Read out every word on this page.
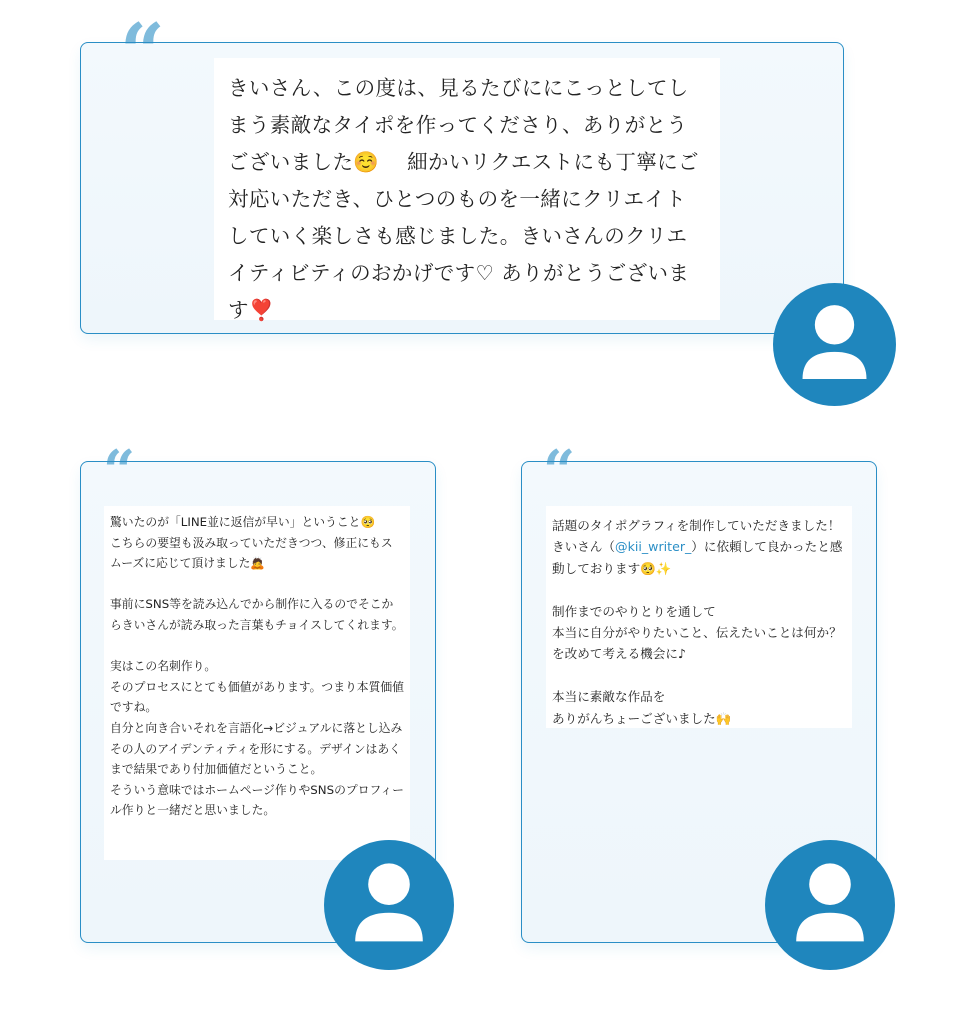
“	きいさん、この度は、見るたびににこっとしてしまう素敵なタイポを作ってくださり、ありがとうございました☺️　 細かいリクエストにも丁寧にご対応いただき、ひとつのものを一緒にクリエイトしていく楽しさも感じました。きいさんのクリエイティビティのおかげです♡ ありがとうございます❣️
“
驚いたのが「LINE並に返信が早い」ということ🥺
こちらの要望も汲み取っていただきつつ、修正にもスムーズに応じて頂けました🙇

事前にSNS等を読み込んでから制作に入るのでそこからきいさんが読み取った言葉もチョイスしてくれます。

実はこの名刺作り。
そのプロセスにとても価値があります。つまり本質価値ですね。
自分と向き合いそれを言語化→ビジュアルに落とし込みその人のアイデンティティを形にする。デザインはあくまで結果であり付加価値だということ。
そういう意味ではホームページ作りやSNSのプロフィール作りと一緒だと思いました。
“
話題のタイポグラフィを制作していただきました！きいさん（@kii_writer_）に依頼して良かったと感動しております🥺✨

制作までのやりとりを通して
本当に自分がやりたいこと、伝えたいことは何か？を改めて考える機会に♪

本当に素敵な作品を
ありがんちょーございました🙌
